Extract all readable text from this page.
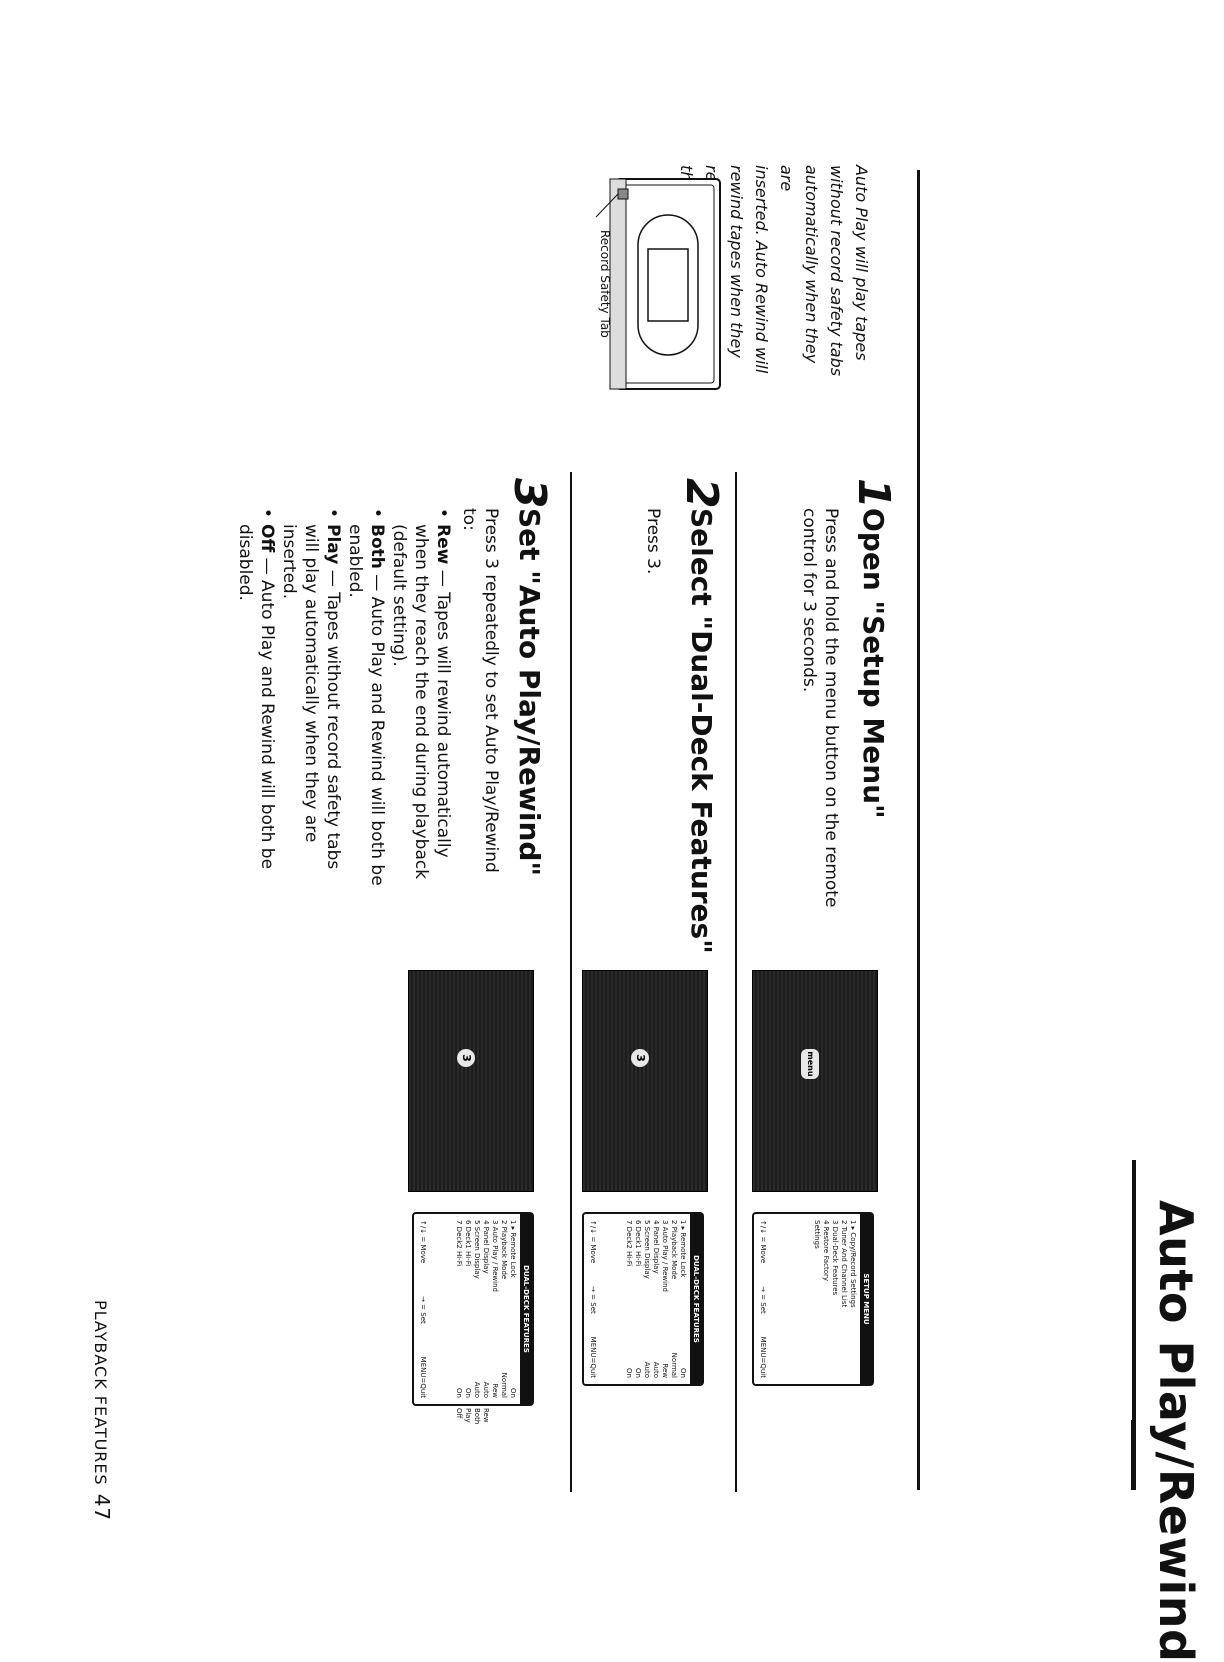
Auto Play/Rewind
Auto Play will play tapes
without record safety tabs
automatically when they are
inserted. Auto Rewind will
rewind tapes when they

Record Safety Tab
1
Open "Setup Menu"
Press and hold the menu button on the remote control for 3 seconds.
menu
SETUP MENU
1 ▸ Copy/Record Settings
2 Tuner And Channel List
3 Dual-Deck Features
4 Restore Factory
Settings
↑/↓ = Move
→ = Set
MENU=Quit
2
Select "Dual-Deck Features"
Press 3.
3
DUAL-DECK FEATURES
1 ▸ Remote Lock
On
2 Playback Mode
Normal
3 Auto Play / Rewind
Rew
4 Panel Display
Auto
5 Screen Display
Auto
6 Deck1 Hi-Fi
On
7 Deck2 Hi-Fi
On
↑/↓ = Move
→ = Set
MENU=Quit
3
Set "Auto Play/Rewind"
Press 3 repeatedly to set Auto Play/Rewind to:
• Rew — Tapes will rewind automatically when they reach the end during playback (default setting).
• Both — Auto Play and Rewind will both be enabled.
• Play — Tapes without record safety tabs will play automatically when they are inserted.
• Off — Auto Play and Rewind will both be disabled.
3
DUAL-DECK FEATURES
1 ▸ Remote Lock
On
2 Playback Mode
Normal
3 Auto Play / Rewind
Rew
4 Panel Display
Auto
5 Screen Display
Auto
6 Deck1 Hi-Fi
On
7 Deck2 Hi-Fi
On
↑/↓ = Move
→ = Set
MENU=Quit
Rew
Both
Play
Off
PLAYBACK FEATURES47
